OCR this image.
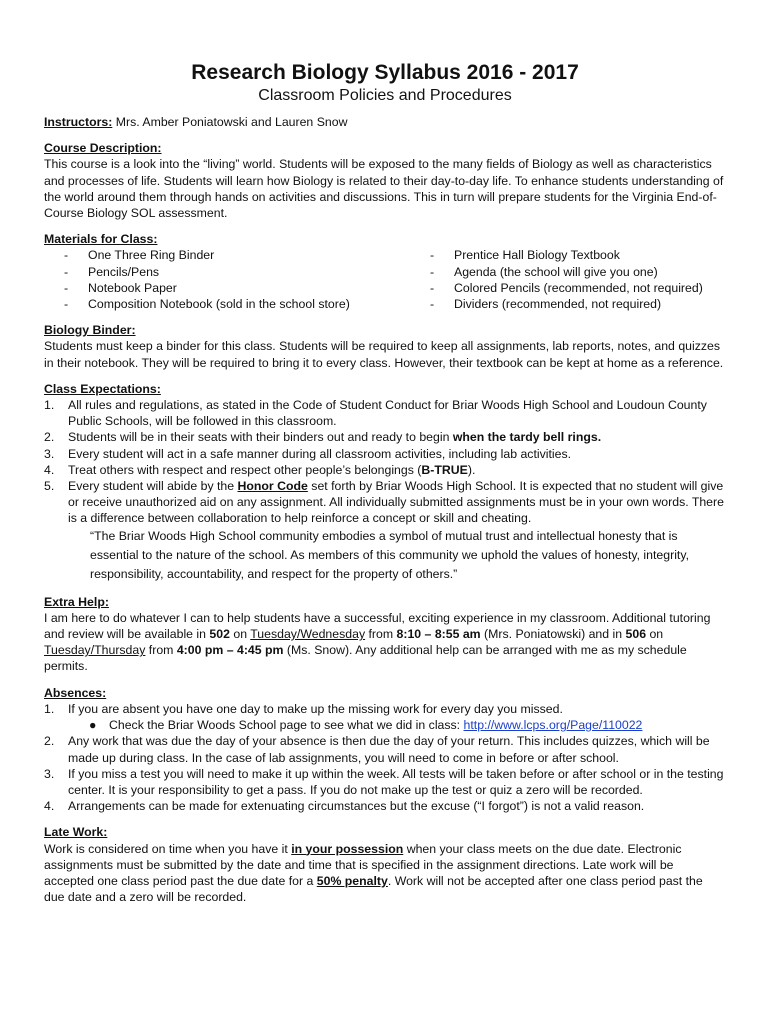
Research Biology Syllabus 2016 - 2017
Classroom Policies and Procedures

Instructors: Mrs. Amber Poniatowski and Lauren Snow

Course Description:

This course is a look into the “living” world. Students will be exposed to the many fields of Biology as well as characteristics and processes of life. Students will learn how Biology is related to their day-to-day life. To enhance students understanding of the world around them through hands on activities and discussions. This in turn will prepare students for the Virginia End-of-Course Biology SOL assessment.

Materials for Class:
-	One Three Ring Binder
-	Pencils/Pens
-	Notebook Paper
-	Composition Notebook (sold in the school store)
-	Prentice Hall Biology Textbook
-	Agenda (the school will give you one)
-	Colored Pencils (recommended, not required)
-	Dividers (recommended, not required)
Biology Binder:

Students must keep a binder for this class. Students will be required to keep all assignments, lab reports, notes, and quizzes in their notebook. They will be required to bring it to every class. However, their textbook can be kept at home as a reference.

Class Expectations:
1.	All rules and regulations, as stated in the Code of Student Conduct for Briar Woods High School and Loudoun County Public Schools, will be followed in this classroom.
2.	Students will be in their seats with their binders out and ready to begin when the tardy bell rings.
3.	Every student will act in a safe manner during all classroom activities, including lab activities.
4.	Treat others with respect and respect other people’s belongings (B-TRUE).
5.	Every student will abide by the Honor Code set forth by Briar Woods High School. It is expected that no student will give or receive unauthorized aid on any assignment. All individually submitted assignments must be in your own words. There is a difference between collaboration to help reinforce a concept or skill and cheating.
“The Briar Woods High School community embodies a symbol of mutual trust and intellectual honesty that is essential to the nature of the school. As members of this community we uphold the values of honesty, integrity, responsibility, accountability, and respect for the property of others.”
Extra Help:

I am here to do whatever I can to help students have a successful, exciting experience in my classroom. Additional tutoring and review will be available in 502 on Tuesday/Wednesday from 8:10 – 8:55 am (Mrs. Poniatowski) and in 506 on Tuesday/Thursday from 4:00 pm – 4:45 pm (Ms. Snow). Any additional help can be arranged with me as my schedule permits.

Absences:
1.	If you are absent you have one day to make up the missing work for every day you missed.
●	Check the Briar Woods School page to see what we did in class: http://www.lcps.org/Page/110022
2.	Any work that was due the day of your absence is then due the day of your return. This includes quizzes, which will be made up during class. In the case of lab assignments, you will need to come in before or after school.
3.	If you miss a test you will need to make it up within the week. All tests will be taken before or after school or in the testing center. It is your responsibility to get a pass. If you do not make up the test or quiz a zero will be recorded.
4.	Arrangements can be made for extenuating circumstances but the excuse (“I forgot”) is not a valid reason.
Late Work:

Work is considered on time when you have it in your possession when your class meets on the due date. Electronic assignments must be submitted by the date and time that is specified in the assignment directions. Late work will be accepted one class period past the due date for a 50% penalty. Work will not be accepted after one class period past the due date and a zero will be recorded.
